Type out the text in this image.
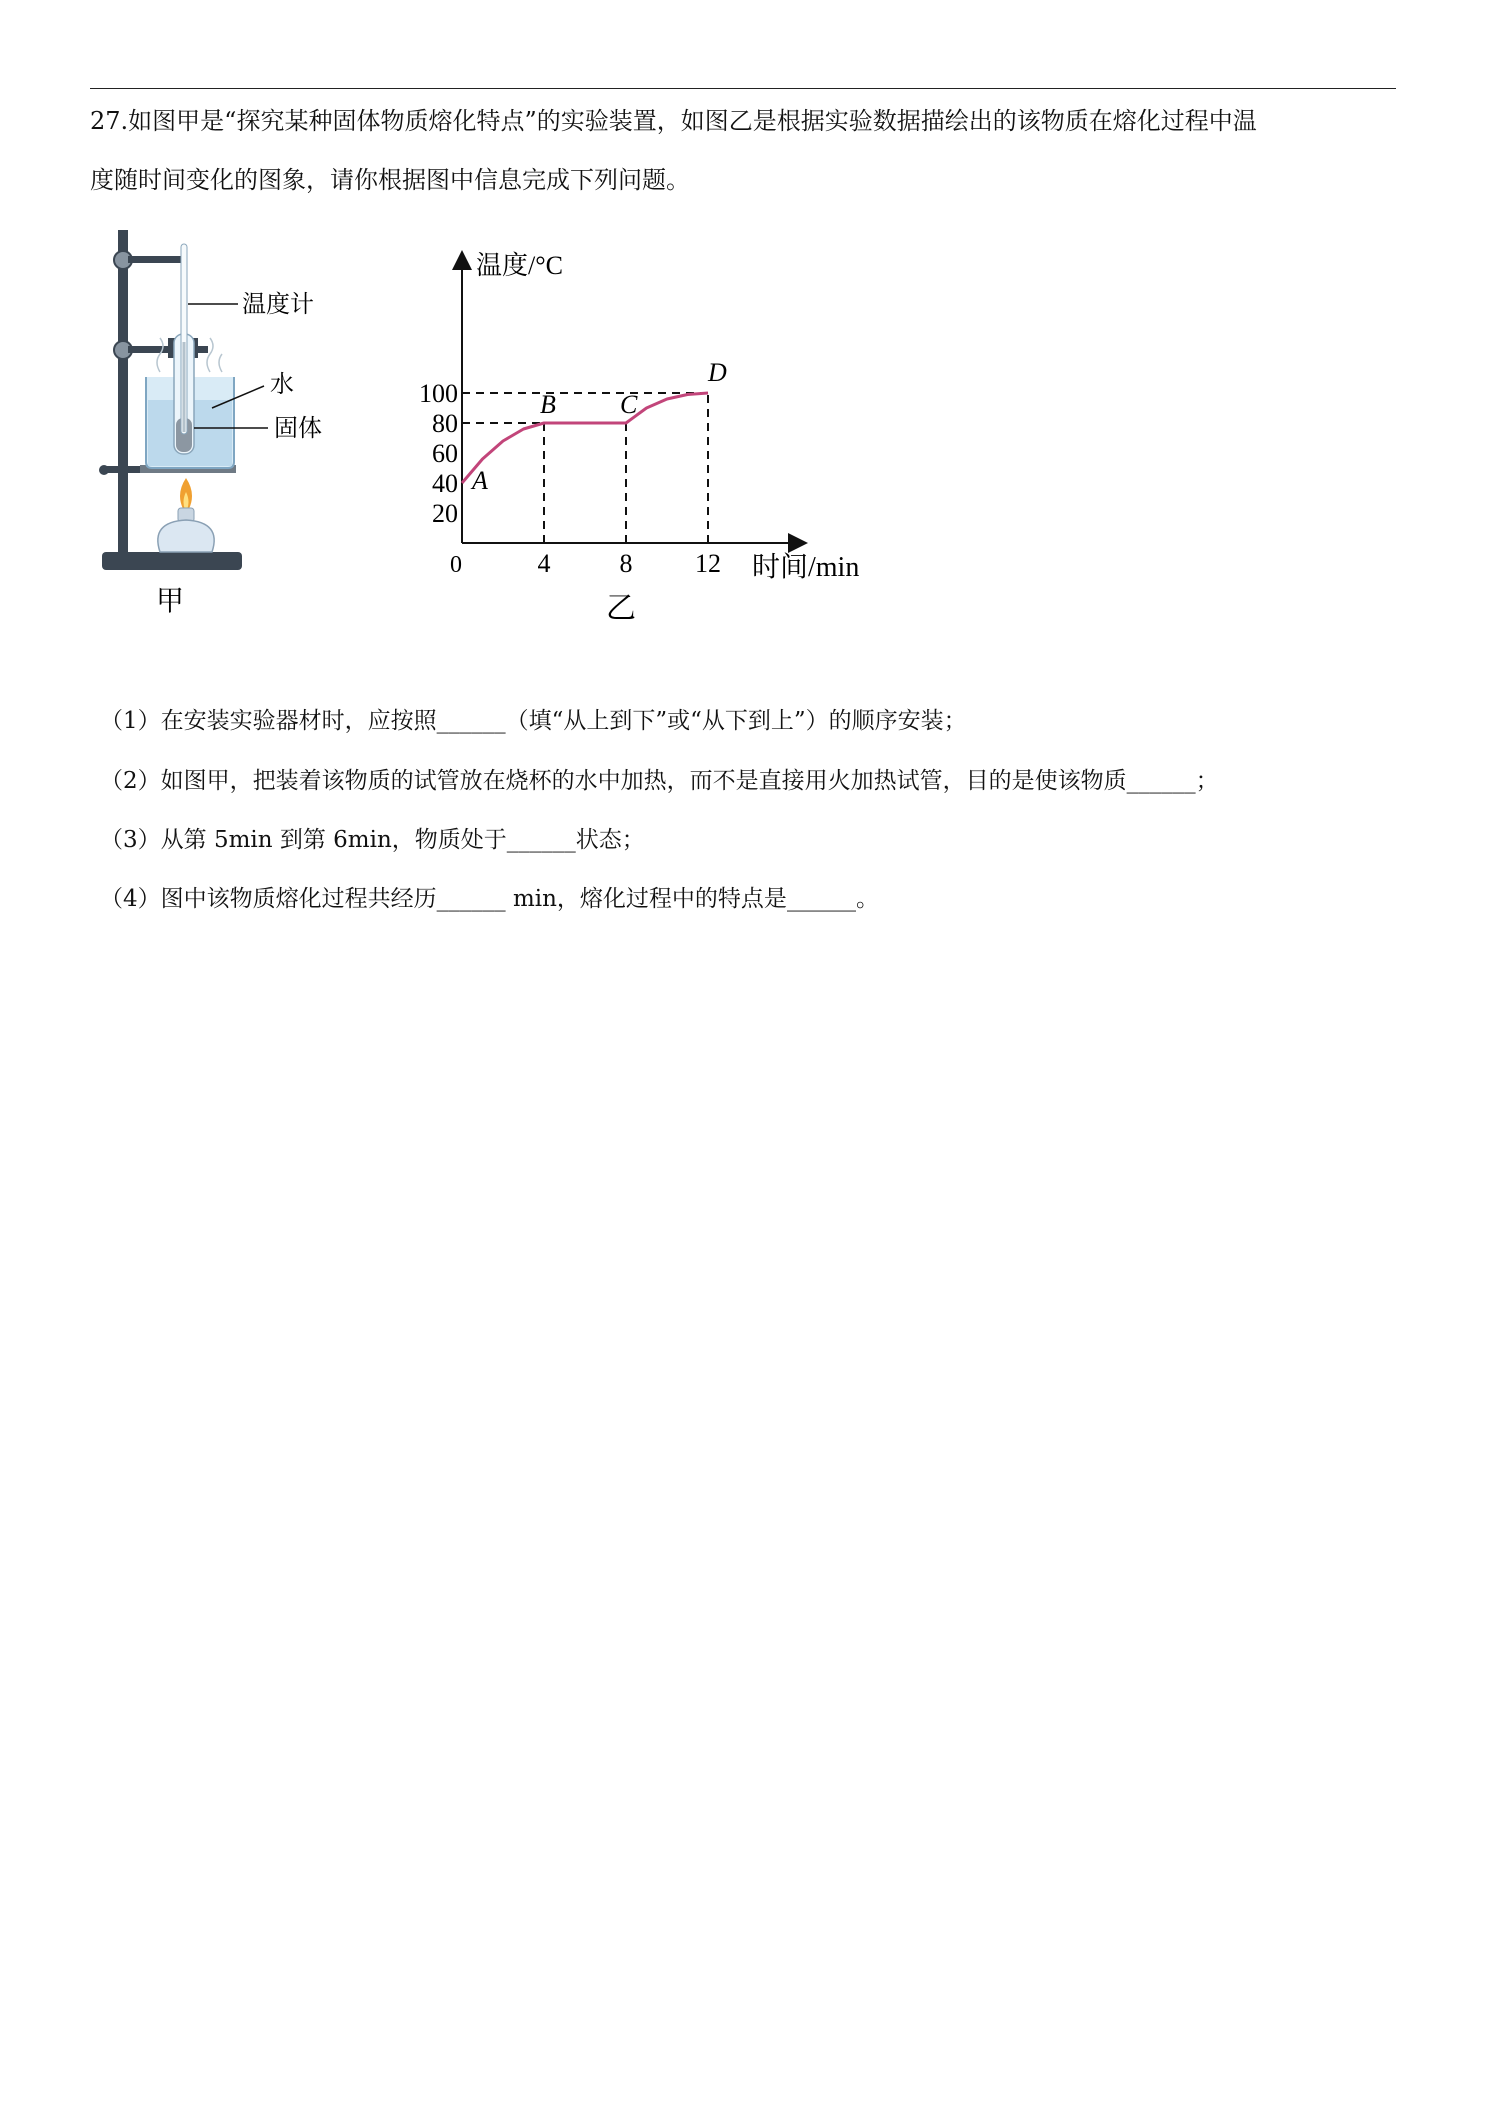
27.如图甲是“探究某种固体物质熔化特点”的实验装置，如图乙是根据实验数据描绘出的该物质在熔化过程中温
度随时间变化的图象，请你根据图中信息完成下列问题。
温度计
水
固体
甲
20
40
60
80
100
4	8 12
A
B C
D
温度/°C
时间/min
0
乙
（1）在安装实验器材时，应按照______（填“从上到下”或“从下到上”）的顺序安装；
（2）如图甲，把装着该物质的试管放在烧杯的水中加热，而不是直接用火加热试管，目的是使该物质______；
（3）从第 5min 到第 6min，物质处于______状态；
（4）图中该物质熔化过程共经历______ min，熔化过程中的特点是______。
